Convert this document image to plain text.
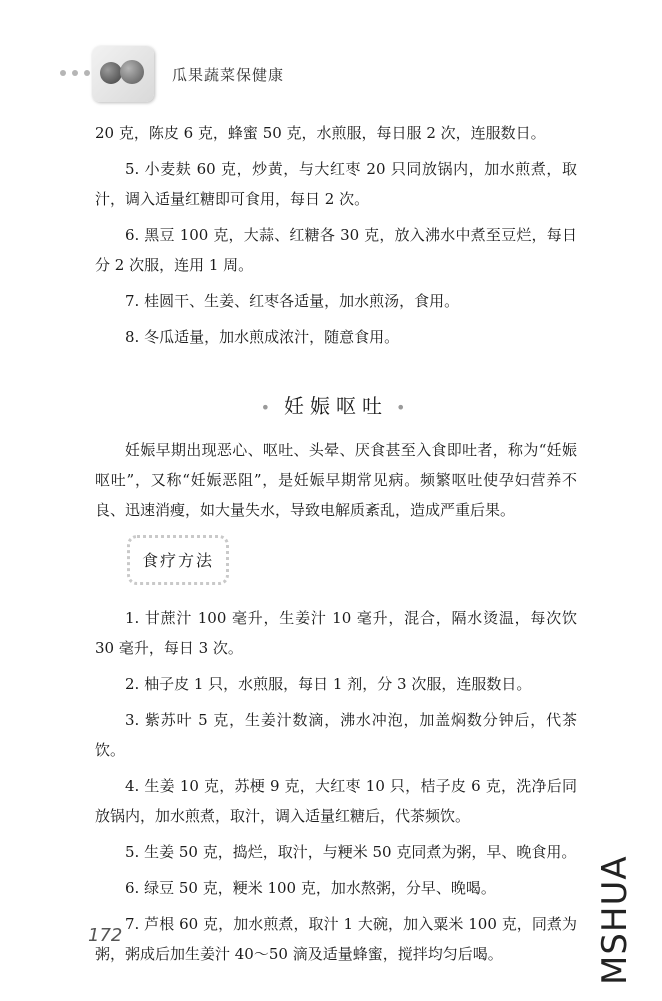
瓜果蔬菜保健康

20 克，陈皮 6 克，蜂蜜 50 克，水煎服，每日服 2 次，连服数日。

5. 小麦麸 60 克，炒黄，与大红枣 20 只同放锅内，加水煎煮，取汁，调入适量红糖即可食用，每日 2 次。

6. 黑豆 100 克，大蒜、红糖各 30 克，放入沸水中煮至豆烂，每日分 2 次服，连用 1 周。

7. 桂圆干、生姜、红枣各适量，加水煎汤，食用。

8. 冬瓜适量，加水煎成浓汁，随意食用。

• 妊娠呕吐 •

妊娠早期出现恶心、呕吐、头晕、厌食甚至入食即吐者，称为“妊娠呕吐”，又称“妊娠恶阻”，是妊娠早期常见病。频繁呕吐使孕妇营养不良、迅速消瘦，如大量失水，导致电解质紊乱，造成严重后果。

食疗方法

1. 甘蔗汁 100 毫升，生姜汁 10 毫升，混合，隔水烫温，每次饮 30 毫升，每日 3 次。

2. 柚子皮 1 只，水煎服，每日 1 剂，分 3 次服，连服数日。

3. 紫苏叶 5 克，生姜汁数滴，沸水冲泡，加盖焖数分钟后，代茶饮。

4. 生姜 10 克，苏梗 9 克，大红枣 10 只，桔子皮 6 克，洗净后同放锅内，加水煎煮，取汁，调入适量红糖后，代茶频饮。

5. 生姜 50 克，捣烂，取汁，与粳米 50 克同煮为粥，早、晚食用。

6. 绿豆 50 克，粳米 100 克，加水熬粥，分早、晚喝。

7. 芦根 60 克，加水煎煮，取汁 1 大碗，加入粟米 100 克，同煮为粥，粥成后加生姜汁 40～50 滴及适量蜂蜜，搅拌均匀后喝。

172	MSHUA
